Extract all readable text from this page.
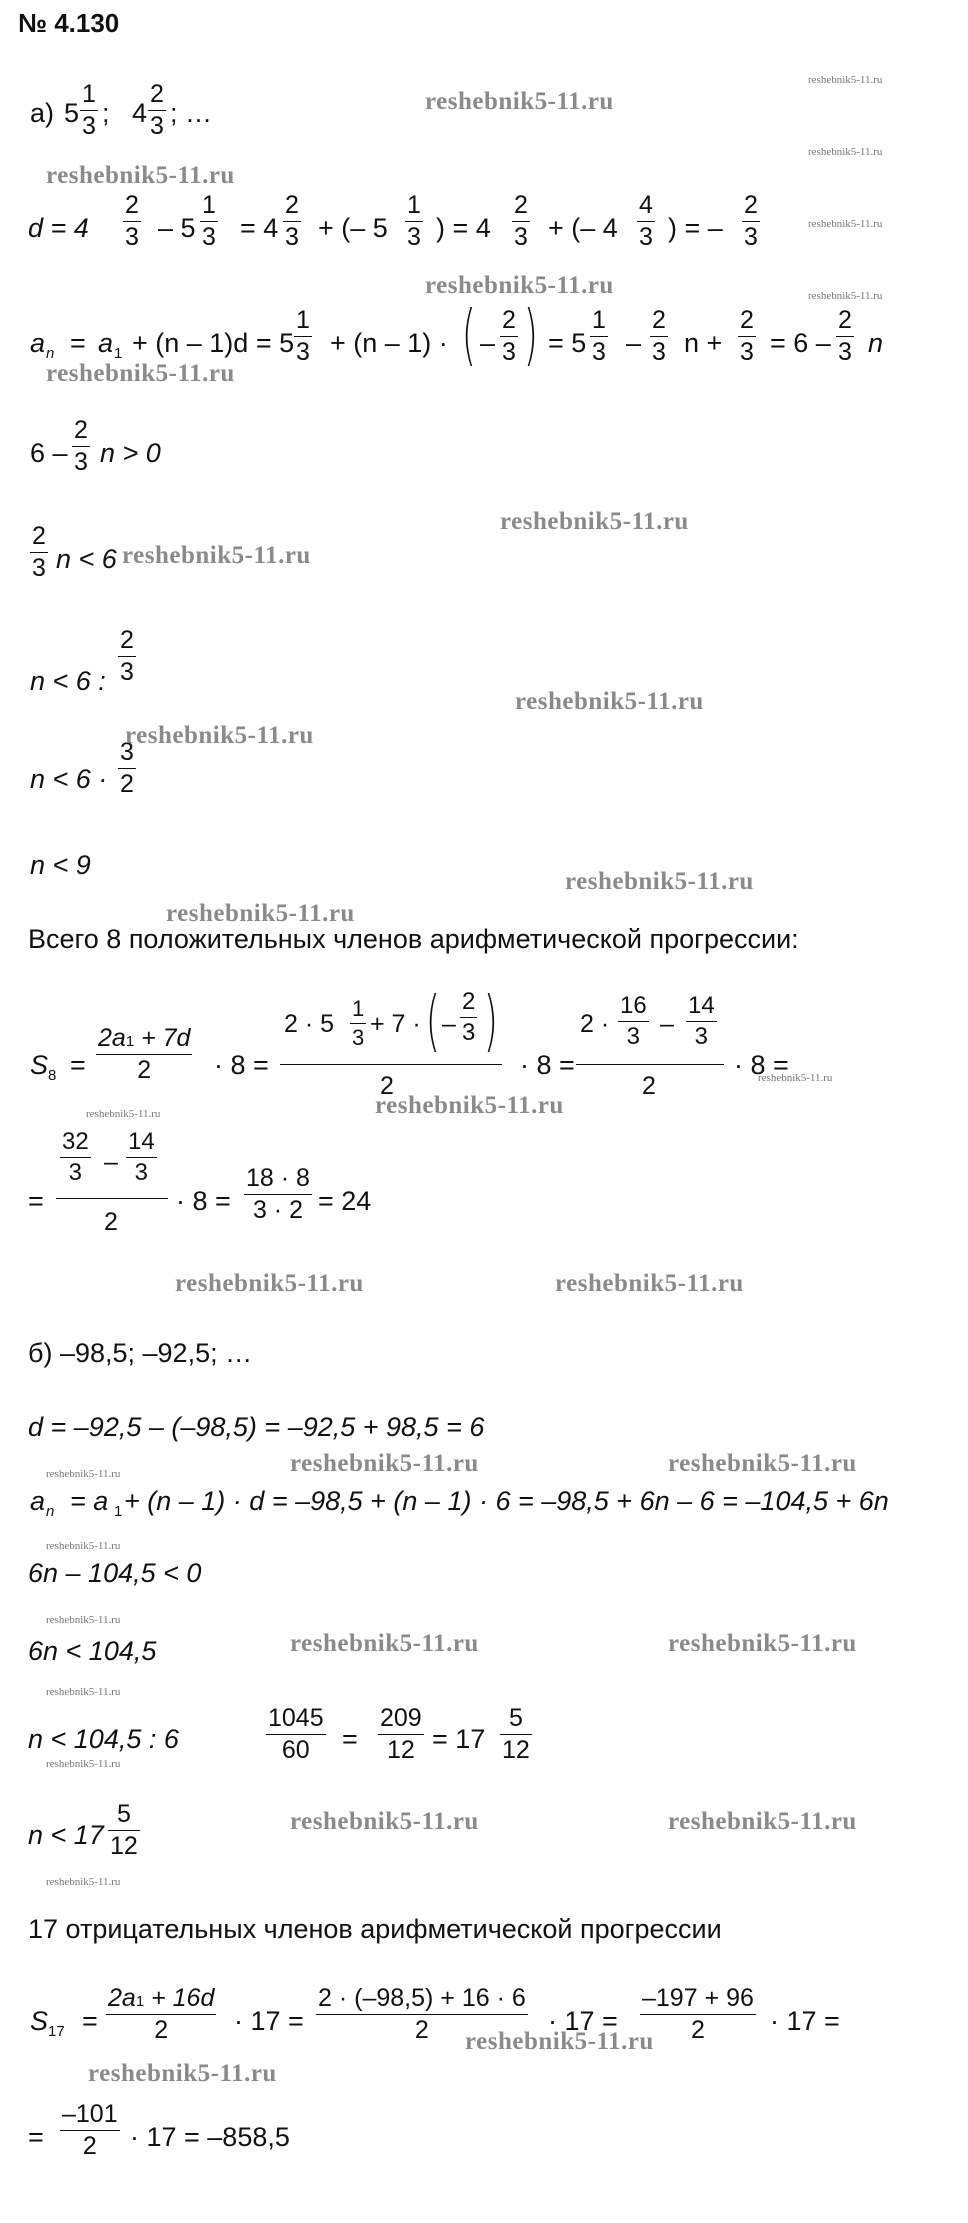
№ 4.130
а) 5
1
3 ; 4
2
3 ; …
d = 4
2
3 – 5
1
3 = 4
2
3 + (– 5
1
3 ) = 4
2
3 + (– 4
4
3 ) = –
2
3
a n = a 1 + (n – 1)d = 5
1
3 + (n – 1) · ( –
2
3 ) = 5
1
3 –
2
3 n +
2
3 = 6 –
2
3 n
6 –
2
3 n > 0
2
3 n < 6
n < 6 :
2
3
n < 6 ·
3
2
n < 9
Всего 8 положительных членов арифметической прогрессии:
S 8 =
2a1 + 7d
2	· 8 =
2 · 5
1
3 + 7 · ( –
2
3 )
2
· 8 =
2 ·
16
3 –
14
3
2
· 8 =
=
32
3 –
14
3
2
· 8 =
18 · 8
3 · 2 = 24
б) –98,5; –92,5; …
d = –92,5 – (–98,5) = –92,5 + 98,5 = 6
a n = a 1 + (n – 1) · d = –98,5 + (n – 1) · 6 = –98,5 + 6n – 6 = –104,5 + 6n
6n – 104,5 < 0
6n < 104,5
n < 104,5 : 6
1045
60	=
209
12 = 17
5
12
n < 17
5
12
17 отрицательных членов арифметической прогрессии
S 17 =
2a1 + 16d
2	· 17 =
2 · (–98,5) + 16 · 6
2	· 17 =
–197 + 96
2	· 17 =
=
–101
2	· 17 = –858,5
reshebnik5-11.ru
reshebnik5-11.ru
reshebnik5-11.ru
reshebnik5-11.ru
reshebnik5-11.ru
reshebnik5-11.ru
reshebnik5-11.ru
reshebnik5-11.ru
reshebnik5-11.ru
reshebnik5-11.ru
reshebnik5-11.ru
reshebnik5-11.ru	reshebnik5-11.ru
reshebnik5-11.ru	reshebnik5-11.ru
reshebnik5-11.ru	reshebnik5-11.ru
reshebnik5-11.ru	reshebnik5-11.ru
reshebnik5-11.ru
reshebnik5-11.ru
reshebnik5-11.ru
reshebnik5-11.ru
reshebnik5-11.ru
reshebnik5-11.ru
reshebnik5-11.ru
reshebnik5-11.ru
reshebnik5-11.ru
reshebnik5-11.ru
reshebnik5-11.ru
reshebnik5-11.ru
reshebnik5-11.ru
reshebnik5-11.ru
